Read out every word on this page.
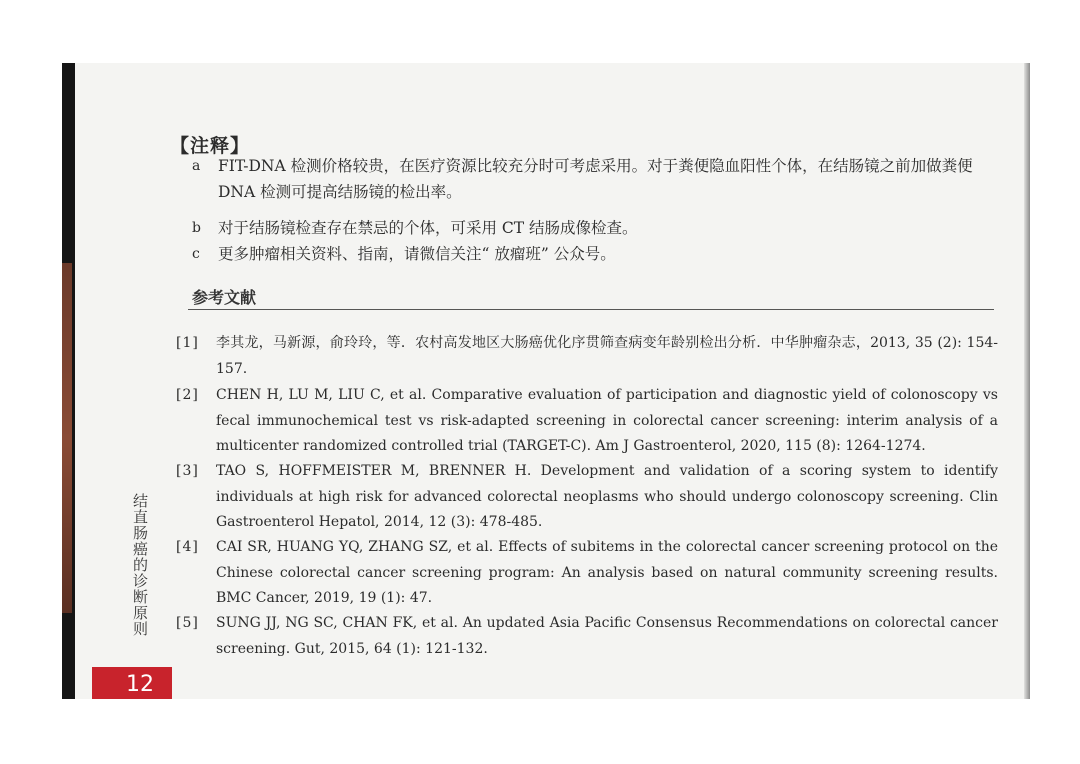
【注释】
a	FIT-DNA 检测价格较贵，在医疗资源比较充分时可考虑采用。对于粪便隐血阳性个体，在结肠镜之前加做粪便 DNA 检测可提高结肠镜的检出率。
b	对于结肠镜检查存在禁忌的个体，可采用 CT 结肠成像检查。
c	更多肿瘤相关资料、指南，请微信关注“ 放瘤班” 公众号。
参考文献
[1]	李其龙，马新源，俞玲玲，等．农村高发地区大肠癌优化序贯筛查病变年龄别检出分析．中华肿瘤杂志，2013, 35 (2): 154-157.
[2]	CHEN H, LU M, LIU C, et al. Comparative evaluation of participation and diagnostic yield of colonoscopy vs fecal immunochemical test vs risk-adapted screening in colorectal cancer screening: interim analysis of a multicenter randomized controlled trial (TARGET-C). Am J Gastroenterol, 2020, 115 (8): 1264-1274.
[3]	TAO S, HOFFMEISTER M, BRENNER H. Development and validation of a scoring system to identify individuals at high risk for advanced colorectal neoplasms who should undergo colonoscopy screening. Clin Gastroenterol Hepatol, 2014, 12 (3): 478-485.
[4]	CAI SR, HUANG YQ, ZHANG SZ, et al. Effects of subitems in the colorectal cancer screening protocol on the Chinese colorectal cancer screening program: An analysis based on natural community screening results. BMC Cancer, 2019, 19 (1): 47.
[5]	SUNG JJ, NG SC, CHAN FK, et al. An updated Asia Pacific Consensus Recommendations on colorectal cancer screening. Gut, 2015, 64 (1): 121-132.
结直肠癌的诊断原则
12
